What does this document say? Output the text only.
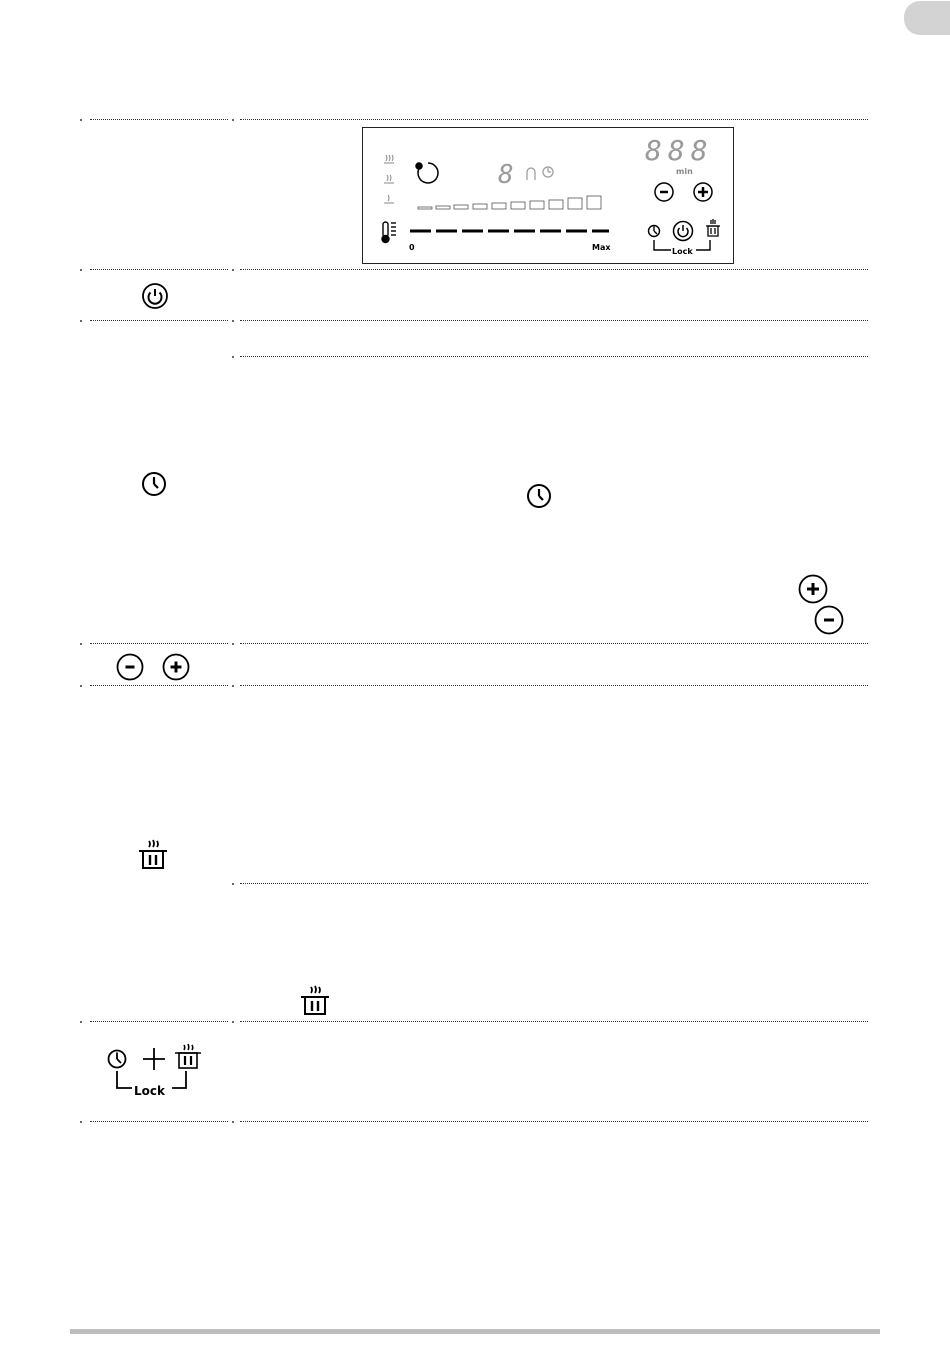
8
888
0	Max
min
Lock
Lock
